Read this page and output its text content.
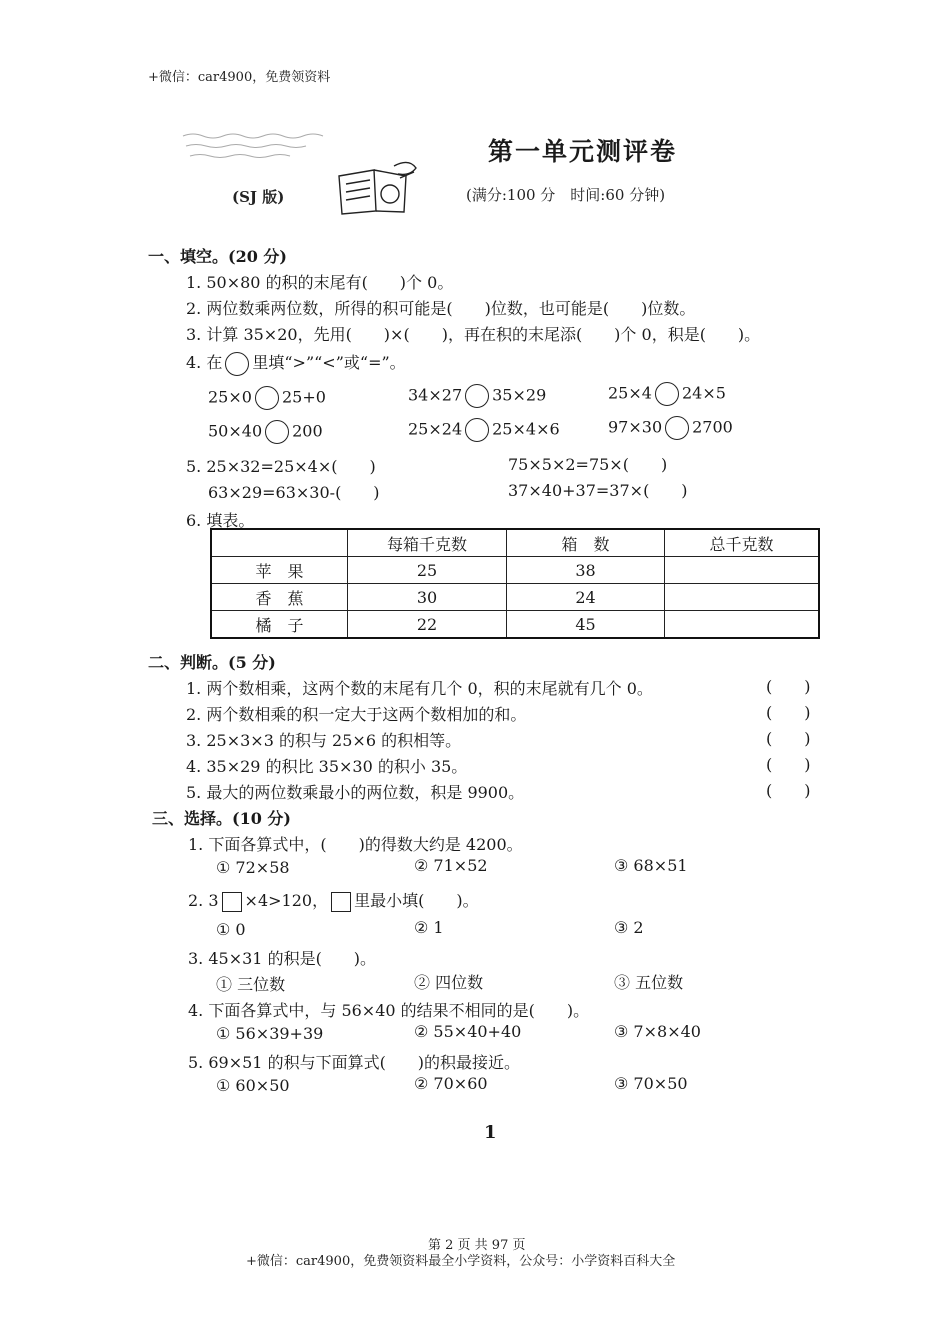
+微信：car4900，免费领资料
第一单元测评卷
(SJ 版)	(满分:100 分　时间:60 分钟)
一、填空。(20 分)
1. 50×80 的积的末尾有(　　)个 0。
2. 两位数乘两位数，所得的积可能是(　　)位数，也可能是(　　)位数。
3. 计算 35×20，先用(　　)×(　　)，再在积的末尾添(　　)个 0，积是(　　)。
4. 在 里填“>”“<”或“=”。
25×0 25+0	34×27 35×29	25×4 24×5
50×40 200	25×24 25×4×6	97×30 2700
5. 25×32=25×4×(　　)	75×5×2=75×(　　)
63×29=63×30-(　　)	37×40+37=37×(　　)
6. 填表。
	每箱千克数	箱　数	总千克数
苹　果	25	38	
香　蕉	30	24	
橘　子	22	45	
二、判断。(5 分)
1. 两个数相乘，这两个数的末尾有几个 0，积的末尾就有几个 0。
2. 两个数相乘的积一定大于这两个数相加的和。
3. 25×3×3 的积与 25×6 的积相等。
4. 35×29 的积比 35×30 的积小 35。
5. 最大的两位数乘最小的两位数，积是 9900。
(　　)
(　　)
(　　)
(　　)
(　　)
三、选择。(10 分)
1. 下面各算式中，(　　)的得数大约是 4200。
① 72×58	② 71×52	③ 68×51
2. 3 ×4>120， 里最小填(　　)。
① 0	② 1	③ 2
3. 45×31 的积是(　　)。
① 三位数	② 四位数	③ 五位数
4. 下面各算式中，与 56×40 的结果不相同的是(　　)。
① 56×39+39	② 55×40+40	③ 7×8×40
5. 69×51 的积与下面算式(　　)的积最接近。
① 60×50	② 70×60	③ 70×50
1
第 2 页 共 97 页
+微信：car4900，免费领资料最全小学资料，公众号：小学资料百科大全
